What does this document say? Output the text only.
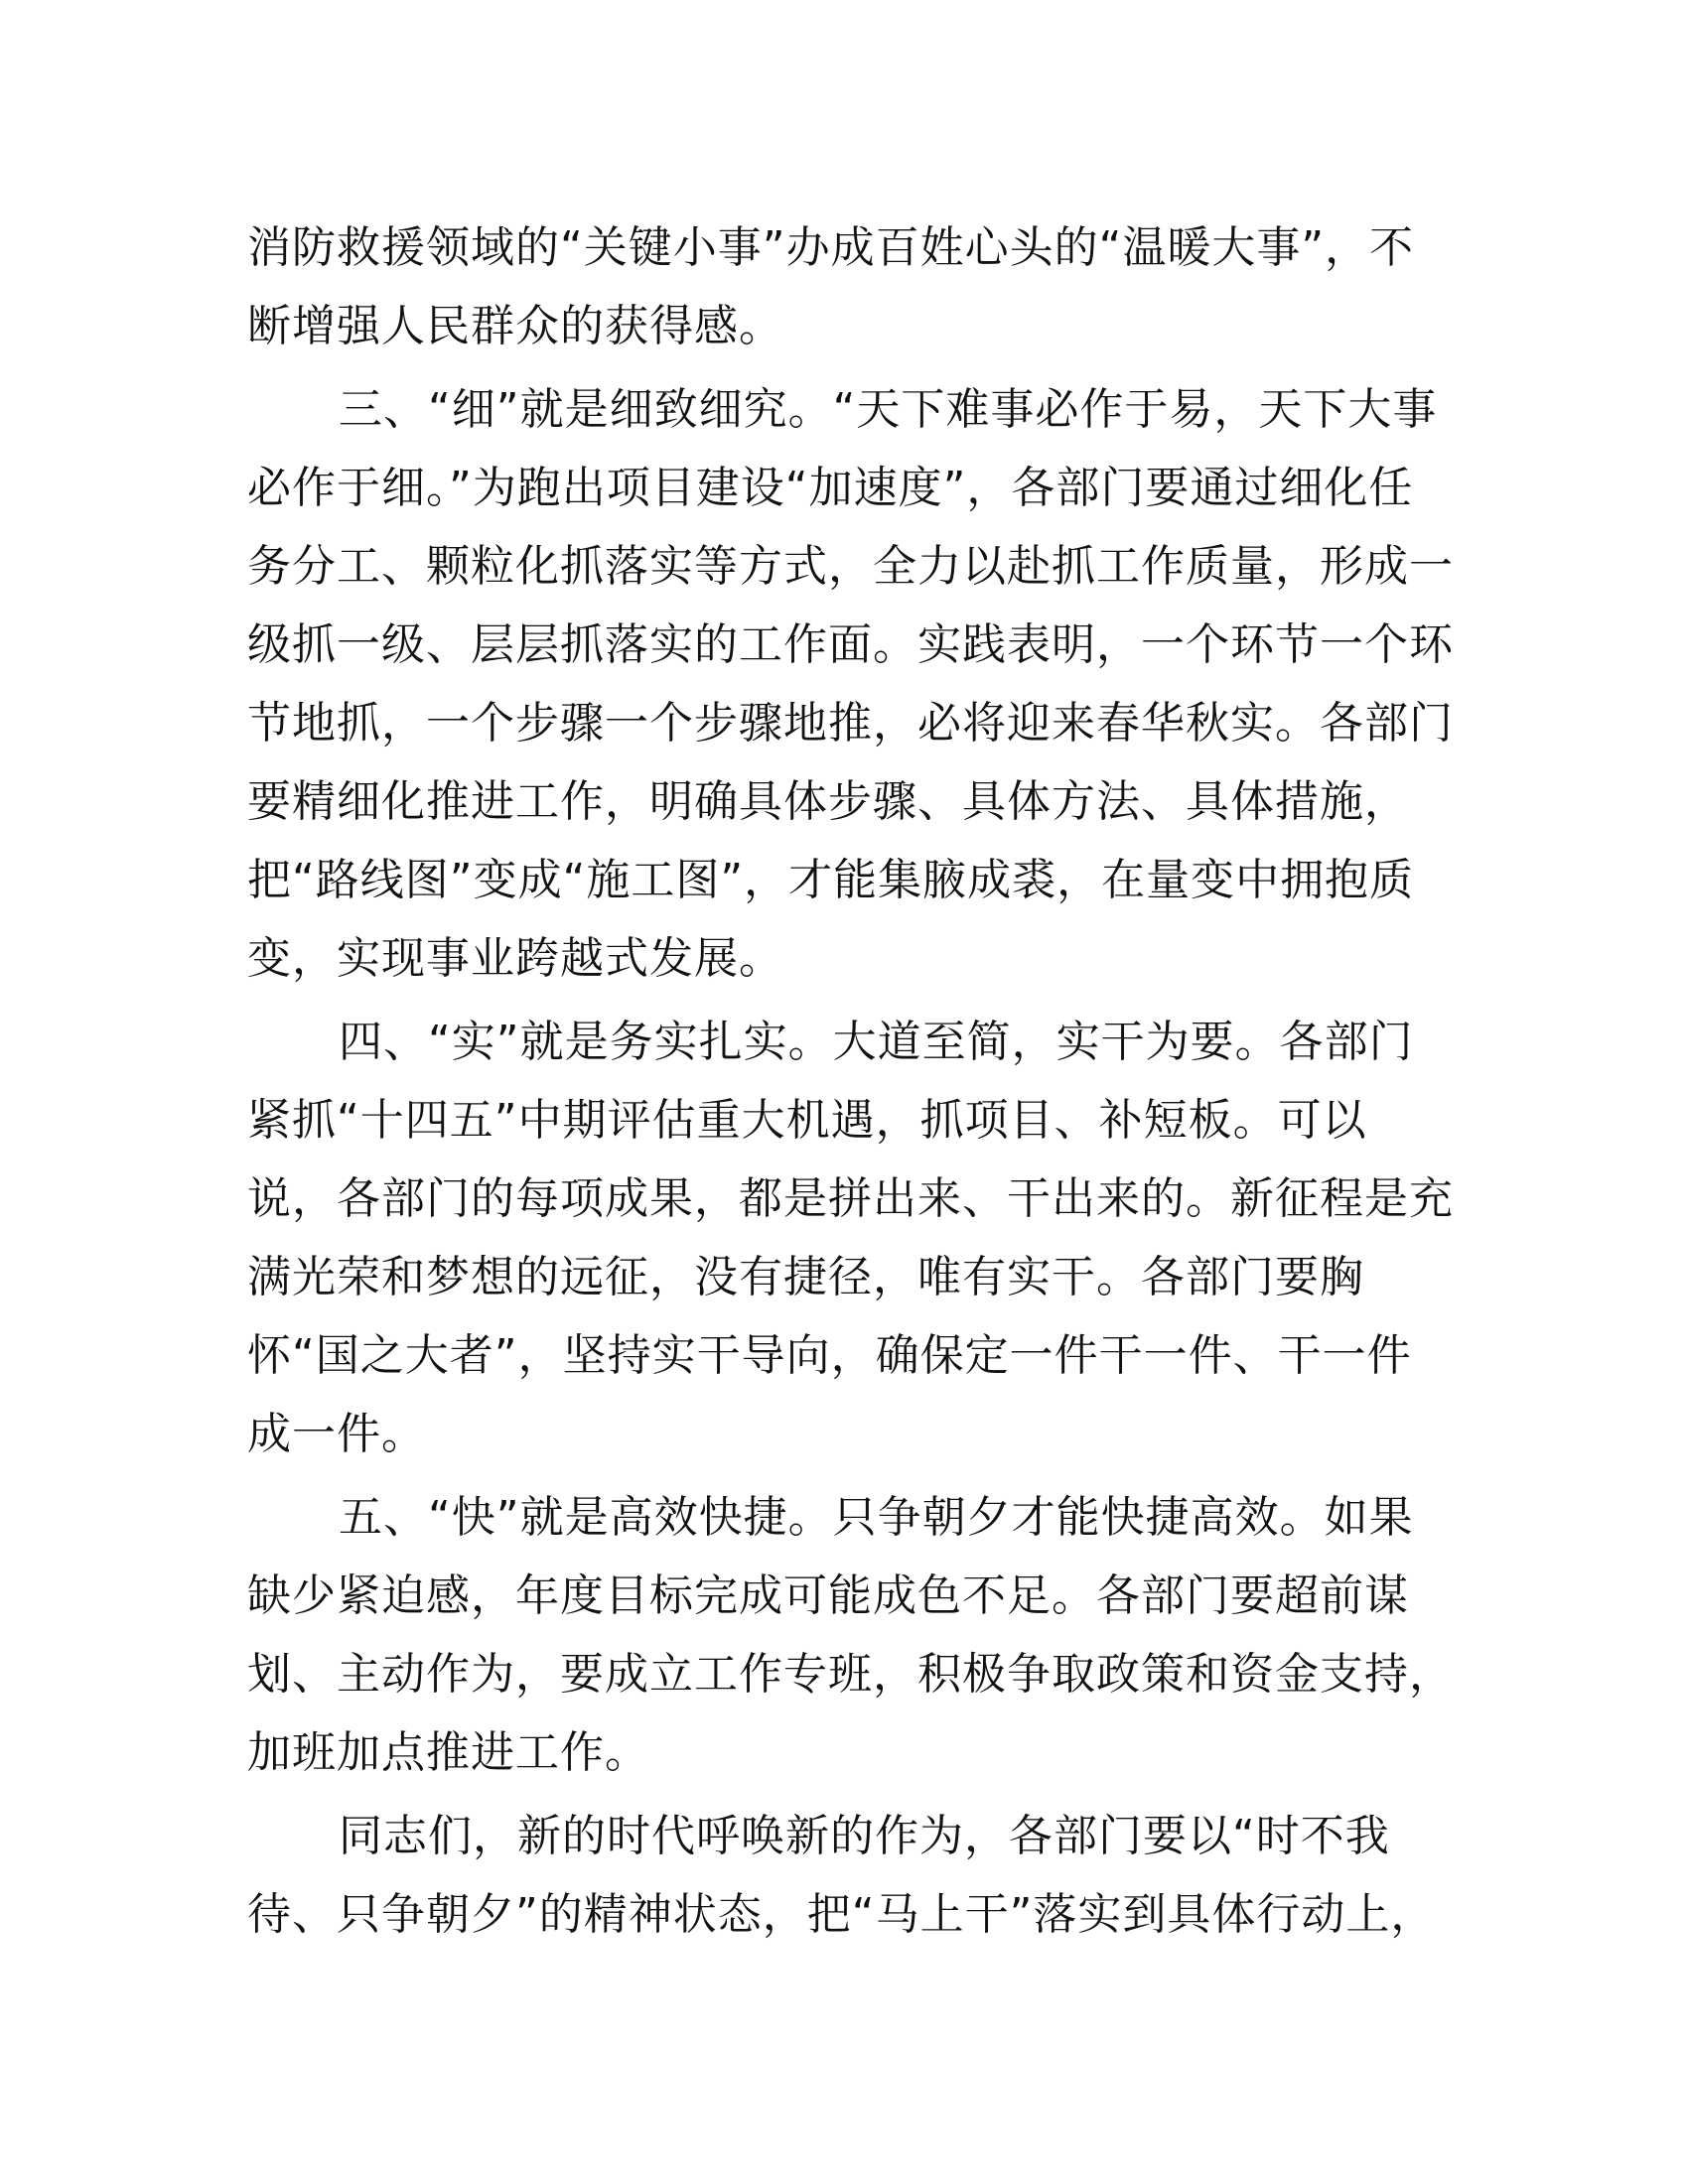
消防救援领域的“关键小事”办成百姓心头的“温暖大事”，不
断增强人民群众的获得感。
三、“细”就是细致细究。“天下难事必作于易，天下大事
必作于细。”为跑出项目建设“加速度”，各部门要通过细化任
务分工、颗粒化抓落实等方式，全力以赴抓工作质量，形成一
级抓一级、层层抓落实的工作面。实践表明，一个环节一个环
节地抓，一个步骤一个步骤地推，必将迎来春华秋实。各部门
要精细化推进工作，明确具体步骤、具体方法、具体措施，
把“路线图”变成“施工图”，才能集腋成裘，在量变中拥抱质
变，实现事业跨越式发展。
四、“实”就是务实扎实。大道至简，实干为要。各部门
紧抓“十四五”中期评估重大机遇，抓项目、补短板。可以
说，各部门的每项成果，都是拼出来、干出来的。新征程是充
满光荣和梦想的远征，没有捷径，唯有实干。各部门要胸
怀“国之大者”，坚持实干导向，确保定一件干一件、干一件
成一件。
五、“快”就是高效快捷。只争朝夕才能快捷高效。如果
缺少紧迫感，年度目标完成可能成色不足。各部门要超前谋
划、主动作为，要成立工作专班，积极争取政策和资金支持，
加班加点推进工作。
同志们，新的时代呼唤新的作为，各部门要以“时不我
待、只争朝夕”的精神状态，把“马上干”落实到具体行动上，
